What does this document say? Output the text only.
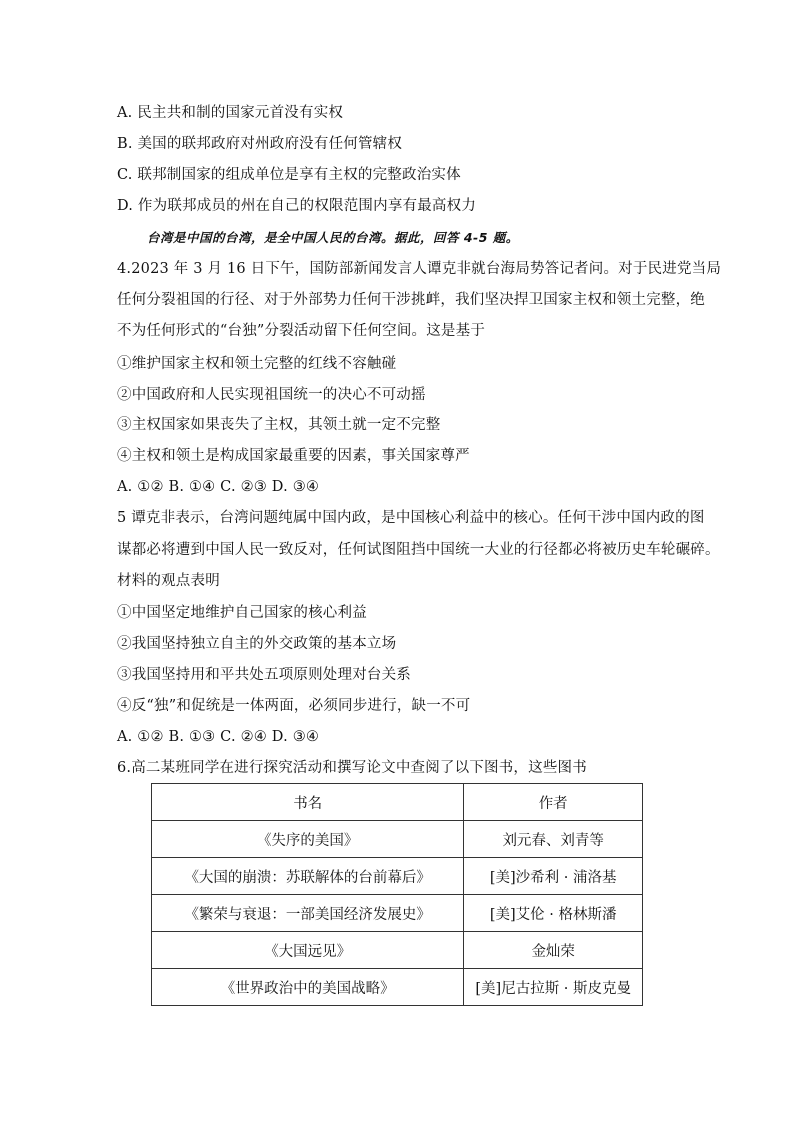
A. 民主共和制的国家元首没有实权
B. 美国的联邦政府对州政府没有任何管辖权
C. 联邦制国家的组成单位是享有主权的完整政治实体
D. 作为联邦成员的州在自己的权限范围内享有最高权力
台湾是中国的台湾，是全中国人民的台湾。据此，回答 4-5 题。
4.2023 年 3 月 16 日下午，国防部新闻发言人谭克非就台海局势答记者问。对于民进党当局
任何分裂祖国的行径、对于外部势力任何干涉挑衅，我们坚决捍卫国家主权和领土完整，绝
不为任何形式的“台独”分裂活动留下任何空间。这是基于
①维护国家主权和领土完整的红线不容触碰
②中国政府和人民实现祖国统一的决心不可动摇
③主权国家如果丧失了主权，其领土就一定不完整
④主权和领土是构成国家最重要的因素，事关国家尊严
A. ①② B. ①④ C. ②③ D. ③④
5 谭克非表示，台湾问题纯属中国内政，是中国核心利益中的核心。任何干涉中国内政的图
谋都必将遭到中国人民一致反对，任何试图阻挡中国统一大业的行径都必将被历史车轮碾碎。
材料的观点表明
①中国坚定地维护自己国家的核心利益
②我国坚持独立自主的外交政策的基本立场
③我国坚持用和平共处五项原则处理对台关系
④反“独”和促统是一体两面，必须同步进行，缺一不可
A. ①② B. ①③ C. ②④ D. ③④
6.高二某班同学在进行探究活动和撰写论文中查阅了以下图书，这些图书
书名	作者
《失序的美国》	刘元春、刘青等
《大国的崩溃：苏联解体的台前幕后》	[美]沙希利 · 浦洛基
《繁荣与衰退：一部美国经济发展史》	[美]艾伦 · 格林斯潘
《大国远见》	金灿荣
《世界政治中的美国战略》	[美]尼古拉斯 · 斯皮克曼
